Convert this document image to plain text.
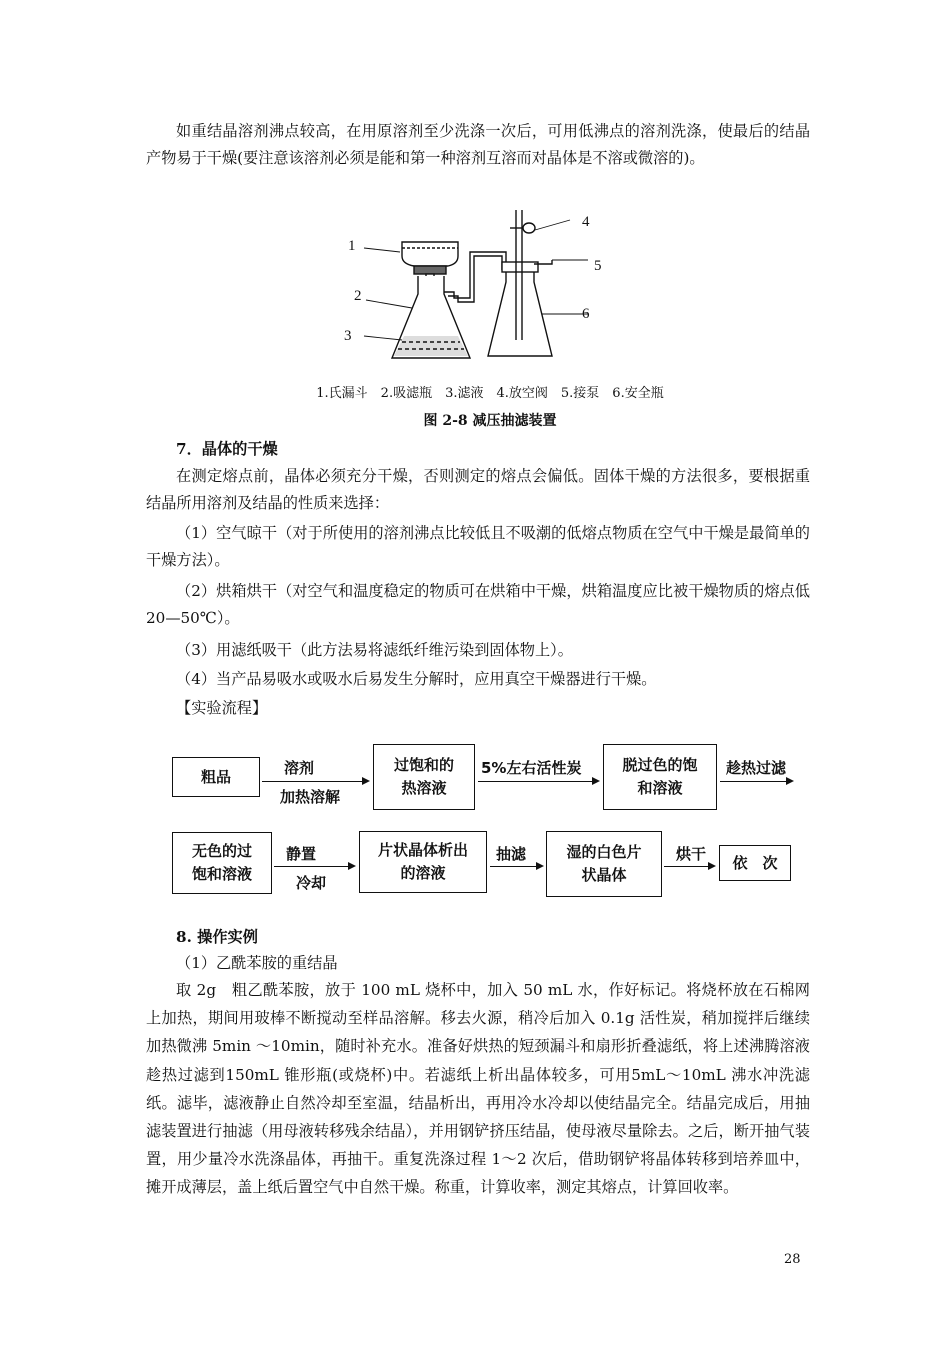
如重结晶溶剂沸点较高，在用原溶剂至少洗涤一次后，可用低沸点的溶剂洗涤，使最后的结晶产物易于干燥(要注意该溶剂必须是能和第一种溶剂互溶而对晶体是不溶或微溶的)。
1
2
3
4
5
6
1.氏漏斗　2.吸滤瓶　3.滤液　4.放空阀　5.接泵　6.安全瓶
图 2-8 减压抽滤装置
7．晶体的干燥
在测定熔点前，晶体必须充分干燥，否则测定的熔点会偏低。固体干燥的方法很多，要根据重结晶所用溶剂及结晶的性质来选择：
（1）空气晾干（对于所使用的溶剂沸点比较低且不吸潮的低熔点物质在空气中干燥是最简单的干燥方法）。
（2）烘箱烘干（对空气和温度稳定的物质可在烘箱中干燥，烘箱温度应比被干燥物质的熔点低 20—50℃）。
（3）用滤纸吸干（此方法易将滤纸纤维污染到固体物上）。
（4）当产品易吸水或吸水后易发生分解时，应用真空干燥器进行干燥。
【实验流程】
粗品	溶剂
加热溶解
过饱和的
热溶液
5%左右活性炭	脱过色的饱
和溶液
趁热过滤
无色的过
饱和溶液
静置
冷却
片状晶体析出
的溶液
抽滤	湿的白色片
状晶体
烘干 依　次
8. 操作实例
（1）乙酰苯胺的重结晶
取 2g　粗乙酰苯胺，放于 100 mL 烧杯中，加入 50 mL 水，作好标记。将烧杯放在石棉网上加热，期间用玻棒不断搅动至样品溶解。移去火源，稍冷后加入 0.1g 活性炭，稍加搅拌后继续加热微沸 5min ～10min，随时补充水。准备好烘热的短颈漏斗和扇形折叠滤纸，将上述沸腾溶液趁热过滤到150mL 锥形瓶(或烧杯)中。若滤纸上析出晶体较多，可用5mL～10mL 沸水冲洗滤纸。滤毕，滤液静止自然冷却至室温，结晶析出，再用冷水冷却以使结晶完全。结晶完成后，用抽滤装置进行抽滤（用母液转移残余结晶），并用钢铲挤压结晶，使母液尽量除去。之后，断开抽气装置，用少量冷水洗涤晶体，再抽干。重复洗涤过程 1～2 次后，借助钢铲将晶体转移到培养皿中，摊开成薄层，盖上纸后置空气中自然干燥。称重，计算收率，测定其熔点，计算回收率。
28
